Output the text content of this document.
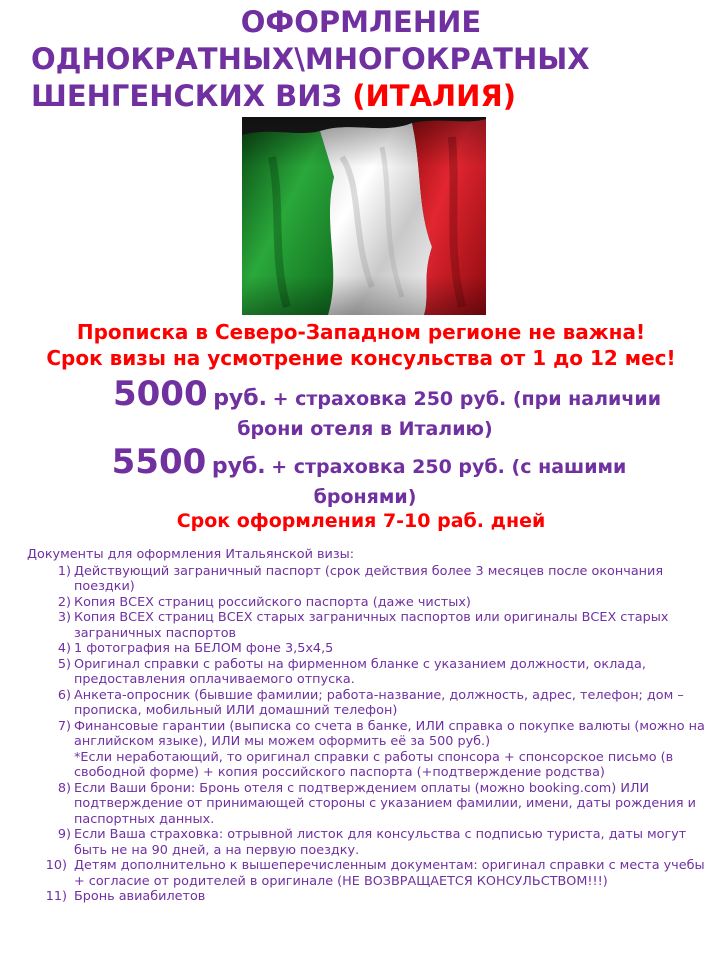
ОФОРМЛЕНИЕ
ОДНОКРАТНЫХ\МНОГОКРАТНЫХ
ШЕНГЕНСКИХ ВИЗ (ИТАЛИЯ)
Прописка в Северо-Западном регионе не важна!
Срок визы на усмотрение консульства от 1 до 12 мес!
5000 руб. + страховка 250 руб. (при наличии
брони отеля в Италию)
5500 руб. + страховка 250 руб. (с нашими
бронями)
Срок оформления 7-10 раб. дней
Документы для оформления Итальянской визы:
1) Действующий заграничный паспорт (срок действия более 3 месяцев после окончания поездки)
2) Копия ВСЕХ страниц российского паспорта (даже чистых)
3) Копия ВСЕХ страниц ВСЕХ старых заграничных паспортов или оригиналы ВСЕХ старых заграничных паспортов
4) 1 фотография на БЕЛОМ фоне 3,5х4,5
5) Оригинал справки с работы на фирменном бланке с указанием должности, оклада, предоставления оплачиваемого отпуска.
6) Анкета-опросник (бывшие фамилии; работа-название, должность, адрес, телефон; дом – прописка, мобильный ИЛИ домашний телефон)
7) Финансовые гарантии (выписка со счета в банке, ИЛИ справка о покупке валюты (можно на английском языке), ИЛИ мы можем оформить её за 500 руб.)
*Если неработающий, то оригинал справки с работы спонсора + спонсорское письмо (в свободной форме) + копия российского паспорта (+подтверждение родства)
8) Если Ваши брони: Бронь отеля с подтверждением оплаты (можно booking.com) ИЛИ подтверждение от принимающей стороны с указанием фамилии, имени, даты рождения и паспортных данных.
9) Если Ваша страховка: отрывной листок для консульства с подписью туриста, даты могут быть не на 90 дней, а на первую поездку.
10) Детям дополнительно к вышеперечисленным документам: оригинал справки с места учебы + согласие от родителей в оригинале (НЕ ВОЗВРАЩАЕТСЯ КОНСУЛЬСТВОМ!!!)
11) Бронь авиабилетов
